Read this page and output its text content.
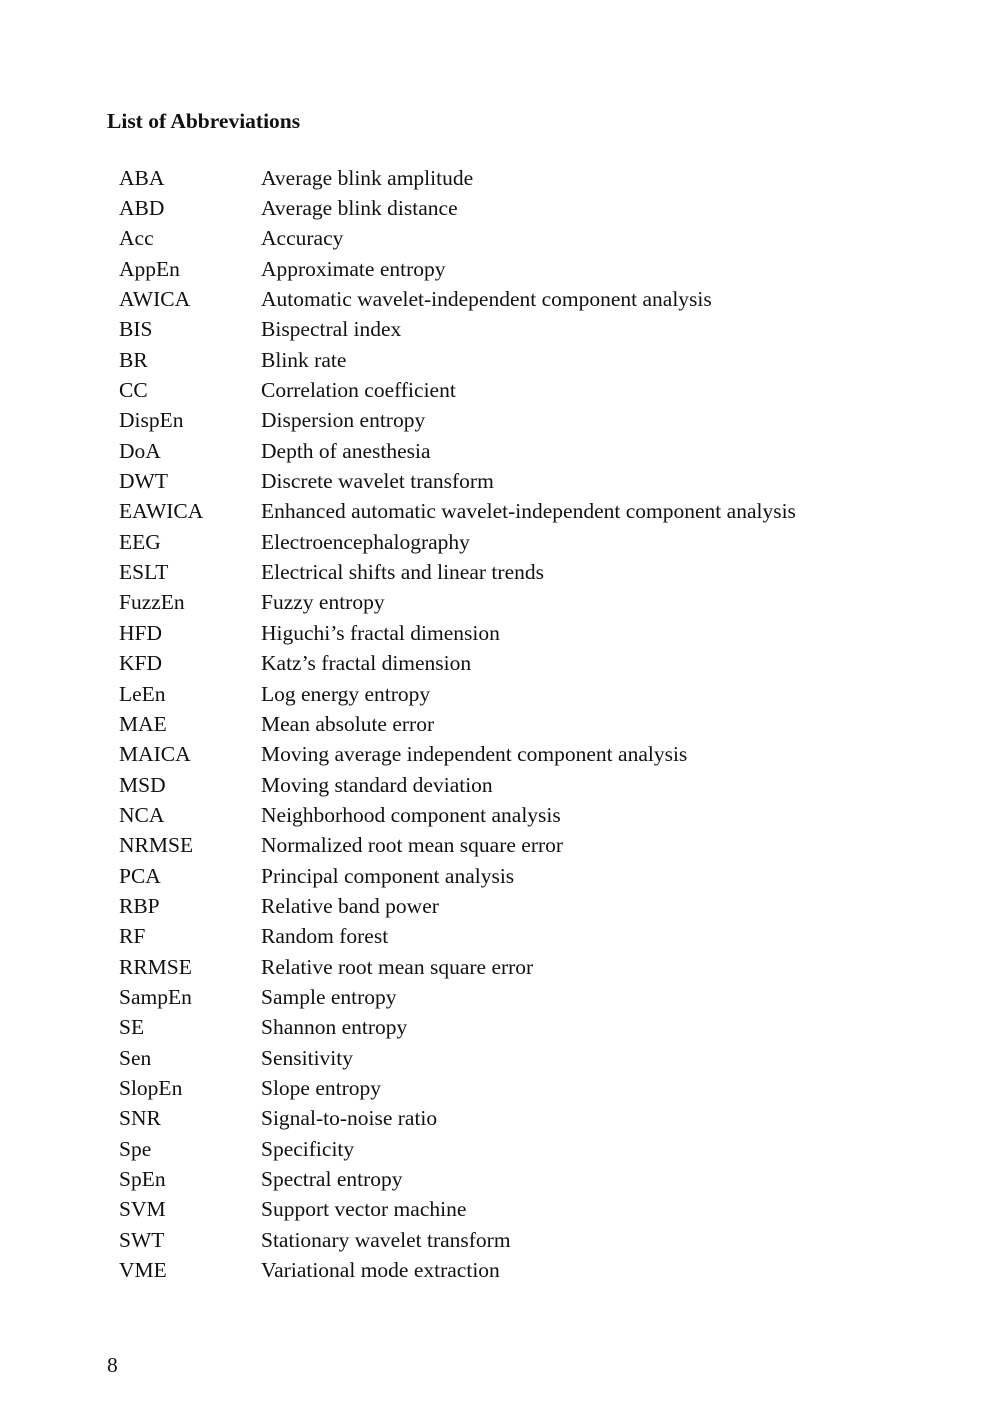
List of Abbreviations
ABA	Average blink amplitude
ABD	Average blink distance
Acc	Accuracy
AppEn	Approximate entropy
AWICA	Automatic wavelet-independent component analysis
BIS	Bispectral index
BR	Blink rate
CC	Correlation coefficient
DispEn	Dispersion entropy
DoA	Depth of anesthesia
DWT	Discrete wavelet transform
EAWICA	Enhanced automatic wavelet-independent component analysis
EEG	Electroencephalography
ESLT	Electrical shifts and linear trends
FuzzEn	Fuzzy entropy
HFD	Higuchi’s fractal dimension
KFD	Katz’s fractal dimension
LeEn	Log energy entropy
MAE	Mean absolute error
MAICA	Moving average independent component analysis
MSD	Moving standard deviation
NCA	Neighborhood component analysis
NRMSE	Normalized root mean square error
PCA	Principal component analysis
RBP	Relative band power
RF	Random forest
RRMSE	Relative root mean square error
SampEn	Sample entropy
SE	Shannon entropy
Sen	Sensitivity
SlopEn	Slope entropy
SNR	Signal-to-noise ratio
Spe	Specificity
SpEn	Spectral entropy
SVM	Support vector machine
SWT	Stationary wavelet transform
VME	Variational mode extraction
8
